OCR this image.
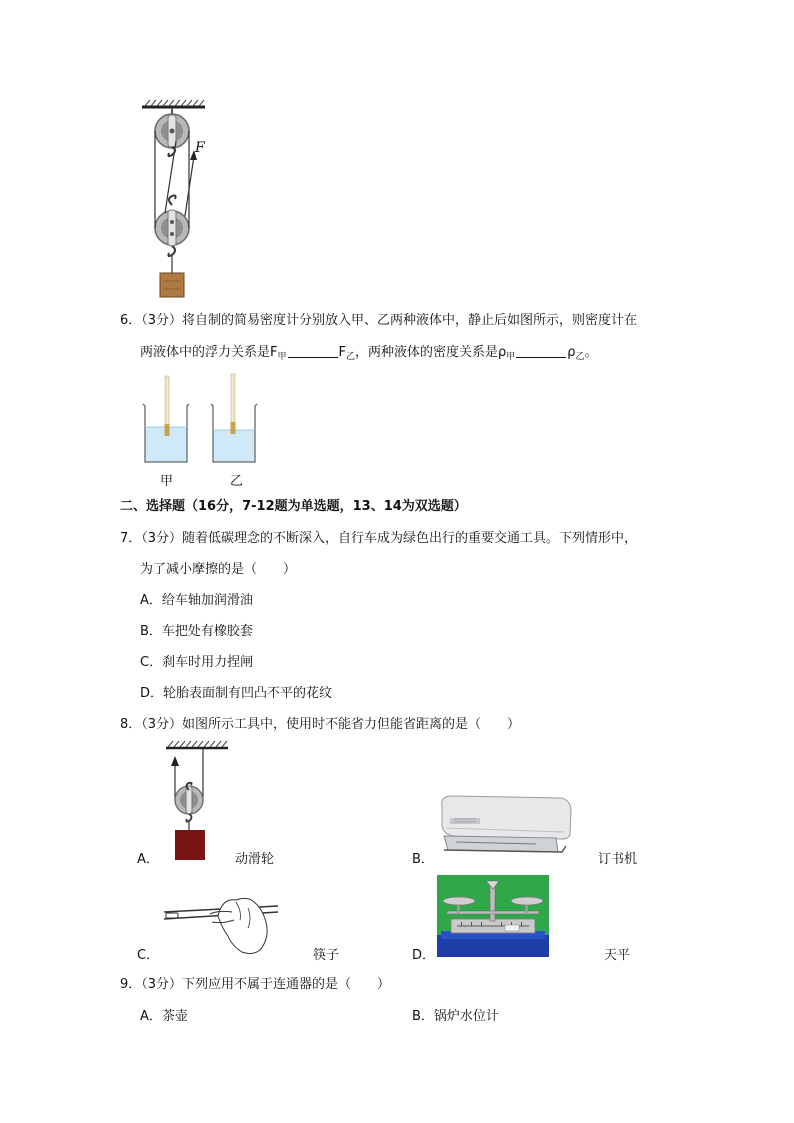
F
6．（3分）将自制的简易密度计分别放入甲、乙两种液体中，静止后如图所示，则密度计在
两液体中的浮力关系是$F_甲$	$F_乙$，两种液体的密度关系是$\rho_甲$	$\rho_乙$。
甲	乙
二、选择题（16分，7-12题为单选题，13、14为双选题）
7．（3分）随着低碳理念的不断深入，自行车成为绿色出行的重要交通工具。下列情形中，
为了减小摩擦的是（　　）
A．给车轴加润滑油
B．车把处有橡胶套
C．刹车时用力捏闸
D．轮胎表面制有凹凸不平的花纹
8．（3分）如图所示工具中，使用时不能省力但能省距离的是（　　）
A．	动滑轮	B．	订书机
C．	筷子	D．	天平
9．（3分）下列应用不属于连通器的是（　　）
A．茶壶	B．锅炉水位计
